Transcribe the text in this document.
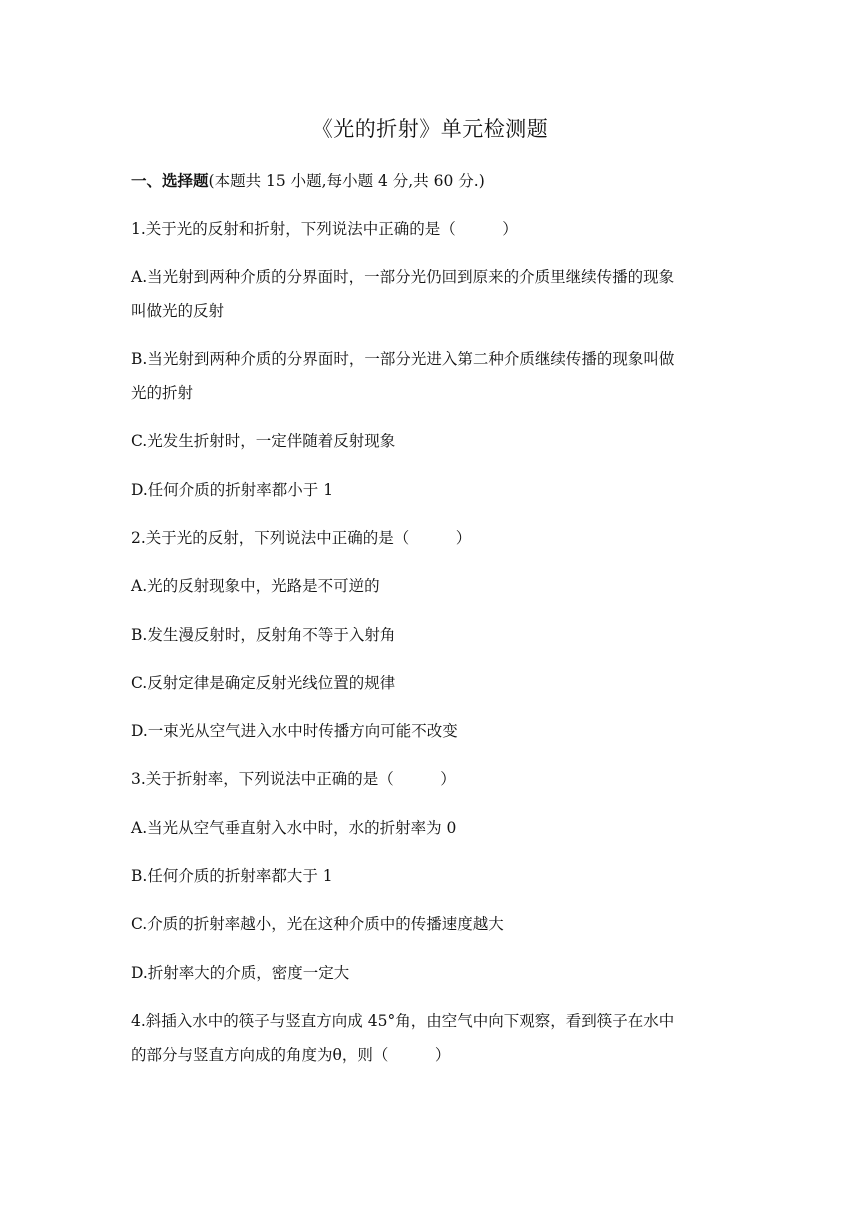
《光的折射》单元检测题
一、选择题(本题共 15 小题,每小题 4 分,共 60 分.)
1.关于光的反射和折射，下列说法中正确的是（　　　）
A.当光射到两种介质的分界面时，一部分光仍回到原来的介质里继续传播的现象
叫做光的反射
B.当光射到两种介质的分界面时，一部分光进入第二种介质继续传播的现象叫做
光的折射
C.光发生折射时，一定伴随着反射现象
D.任何介质的折射率都小于 1
2.关于光的反射，下列说法中正确的是（　　　）
A.光的反射现象中，光路是不可逆的
B.发生漫反射时，反射角不等于入射角
C.反射定律是确定反射光线位置的规律
D.一束光从空气进入水中时传播方向可能不改变
3.关于折射率，下列说法中正确的是（　　　）
A.当光从空气垂直射入水中时，水的折射率为 0
B.任何介质的折射率都大于 1
C.介质的折射率越小，光在这种介质中的传播速度越大
D.折射率大的介质，密度一定大
4.斜插入水中的筷子与竖直方向成 45°角，由空气中向下观察，看到筷子在水中
的部分与竖直方向成的角度为θ，则（　　　）
